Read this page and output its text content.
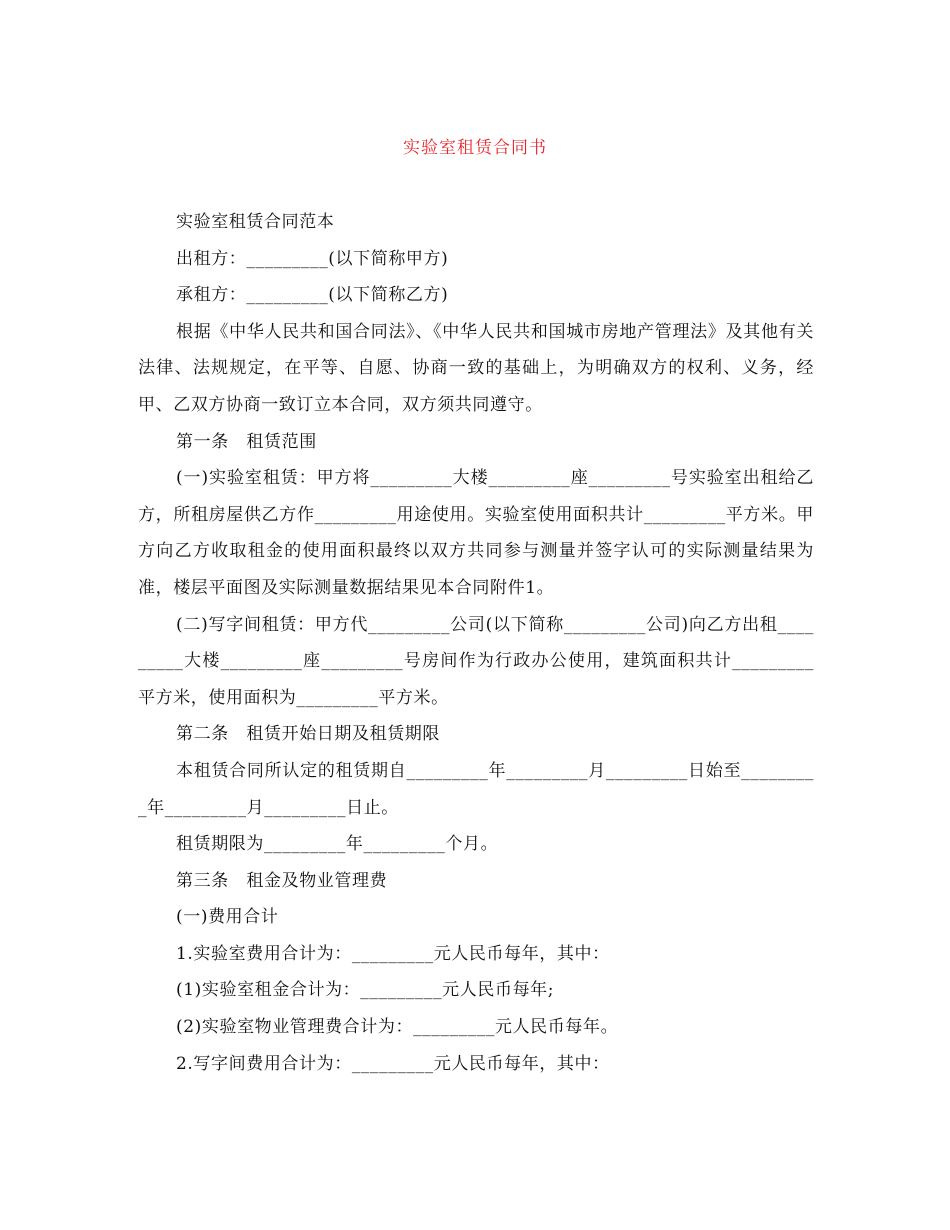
实验室租赁合同书

实验室租赁合同范本

出租方：_________(以下简称甲方)

承租方：_________(以下简称乙方)

根据《中华人民共和国合同法》、《中华人民共和国城市房地产管理法》及其他有关法律、法规规定，在平等、自愿、协商一致的基础上，为明确双方的权利、义务，经甲、乙双方协商一致订立本合同，双方须共同遵守。

第一条　租赁范围

(一)实验室租赁：甲方将_________大楼_________座_________号实验室出租给乙方，所租房屋供乙方作_________用途使用。实验室使用面积共计_________平方米。甲方向乙方收取租金的使用面积最终以双方共同参与测量并签字认可的实际测量结果为准，楼层平面图及实际测量数据结果见本合同附件1。

(二)写字间租赁：甲方代_________公司(以下简称_________公司)向乙方出租_________大楼_________座_________号房间作为行政办公使用，建筑面积共计_________平方米，使用面积为_________平方米。

第二条　租赁开始日期及租赁期限

本租赁合同所认定的租赁期自_________年_________月_________日始至_________年_________月_________日止。

租赁期限为_________年_________个月。

第三条　租金及物业管理费

(一)费用合计

1.实验室费用合计为：_________元人民币每年，其中：

(1)实验室租金合计为：_________元人民币每年;

(2)实验室物业管理费合计为：_________元人民币每年。

2.写字间费用合计为：_________元人民币每年，其中：
